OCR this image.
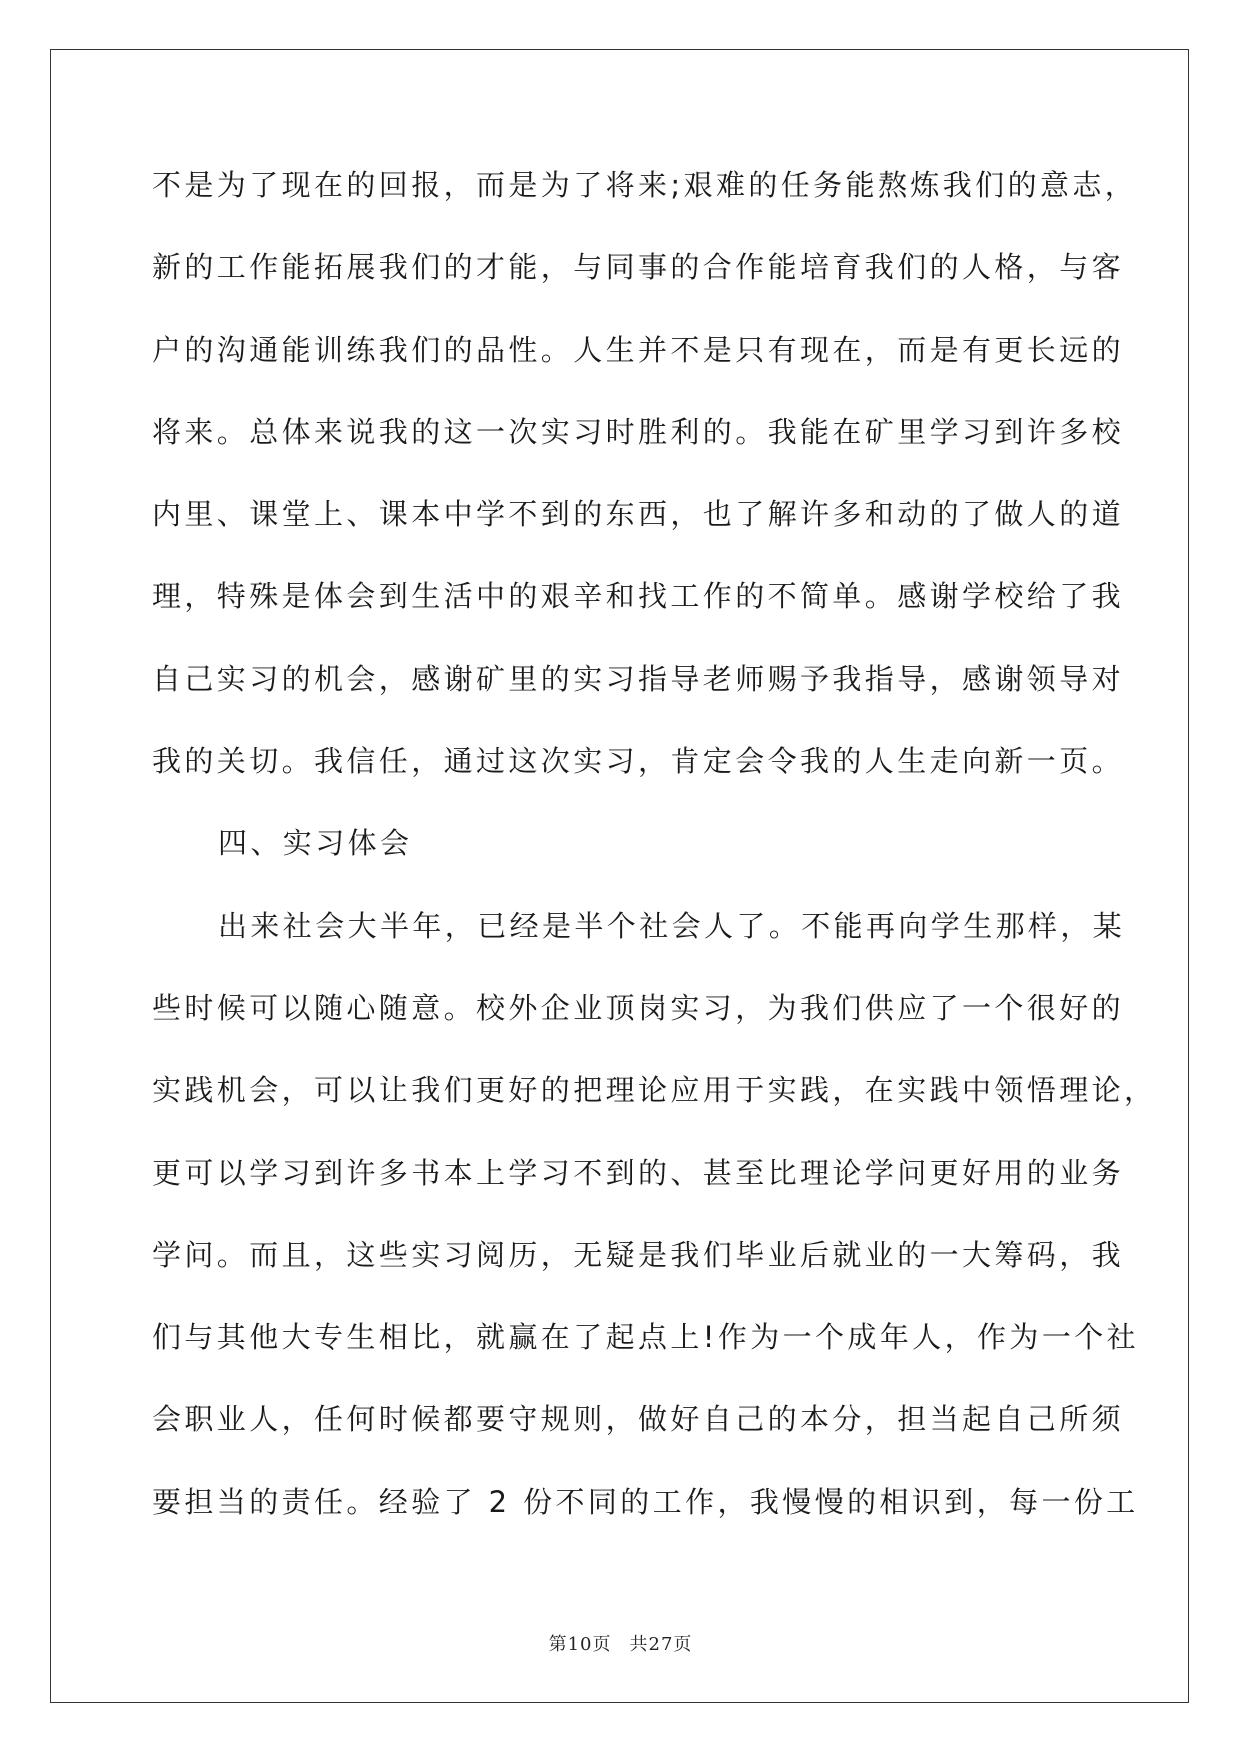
不是为了现在的回报，而是为了将来;艰难的任务能熬炼我们的意志，
新的工作能拓展我们的才能，与同事的合作能培育我们的人格，与客
户的沟通能训练我们的品性。人生并不是只有现在，而是有更长远的
将来。总体来说我的这一次实习时胜利的。我能在矿里学习到许多校
内里、课堂上、课本中学不到的东西，也了解许多和动的了做人的道
理，特殊是体会到生活中的艰辛和找工作的不简单。感谢学校给了我
自己实习的机会，感谢矿里的实习指导老师赐予我指导，感谢领导对
我的关切。我信任，通过这次实习，肯定会令我的人生走向新一页。
四、实习体会
出来社会大半年，已经是半个社会人了。不能再向学生那样，某
些时候可以随心随意。校外企业顶岗实习，为我们供应了一个很好的
实践机会，可以让我们更好的把理论应用于实践，在实践中领悟理论，
更可以学习到许多书本上学习不到的、甚至比理论学问更好用的业务
学问。而且，这些实习阅历，无疑是我们毕业后就业的一大筹码，我
们与其他大专生相比，就赢在了起点上!作为一个成年人，作为一个社
会职业人，任何时候都要守规则，做好自己的本分，担当起自己所须
要担当的责任。经验了 2 份不同的工作，我慢慢的相识到，每一份工
第10页 共27页
